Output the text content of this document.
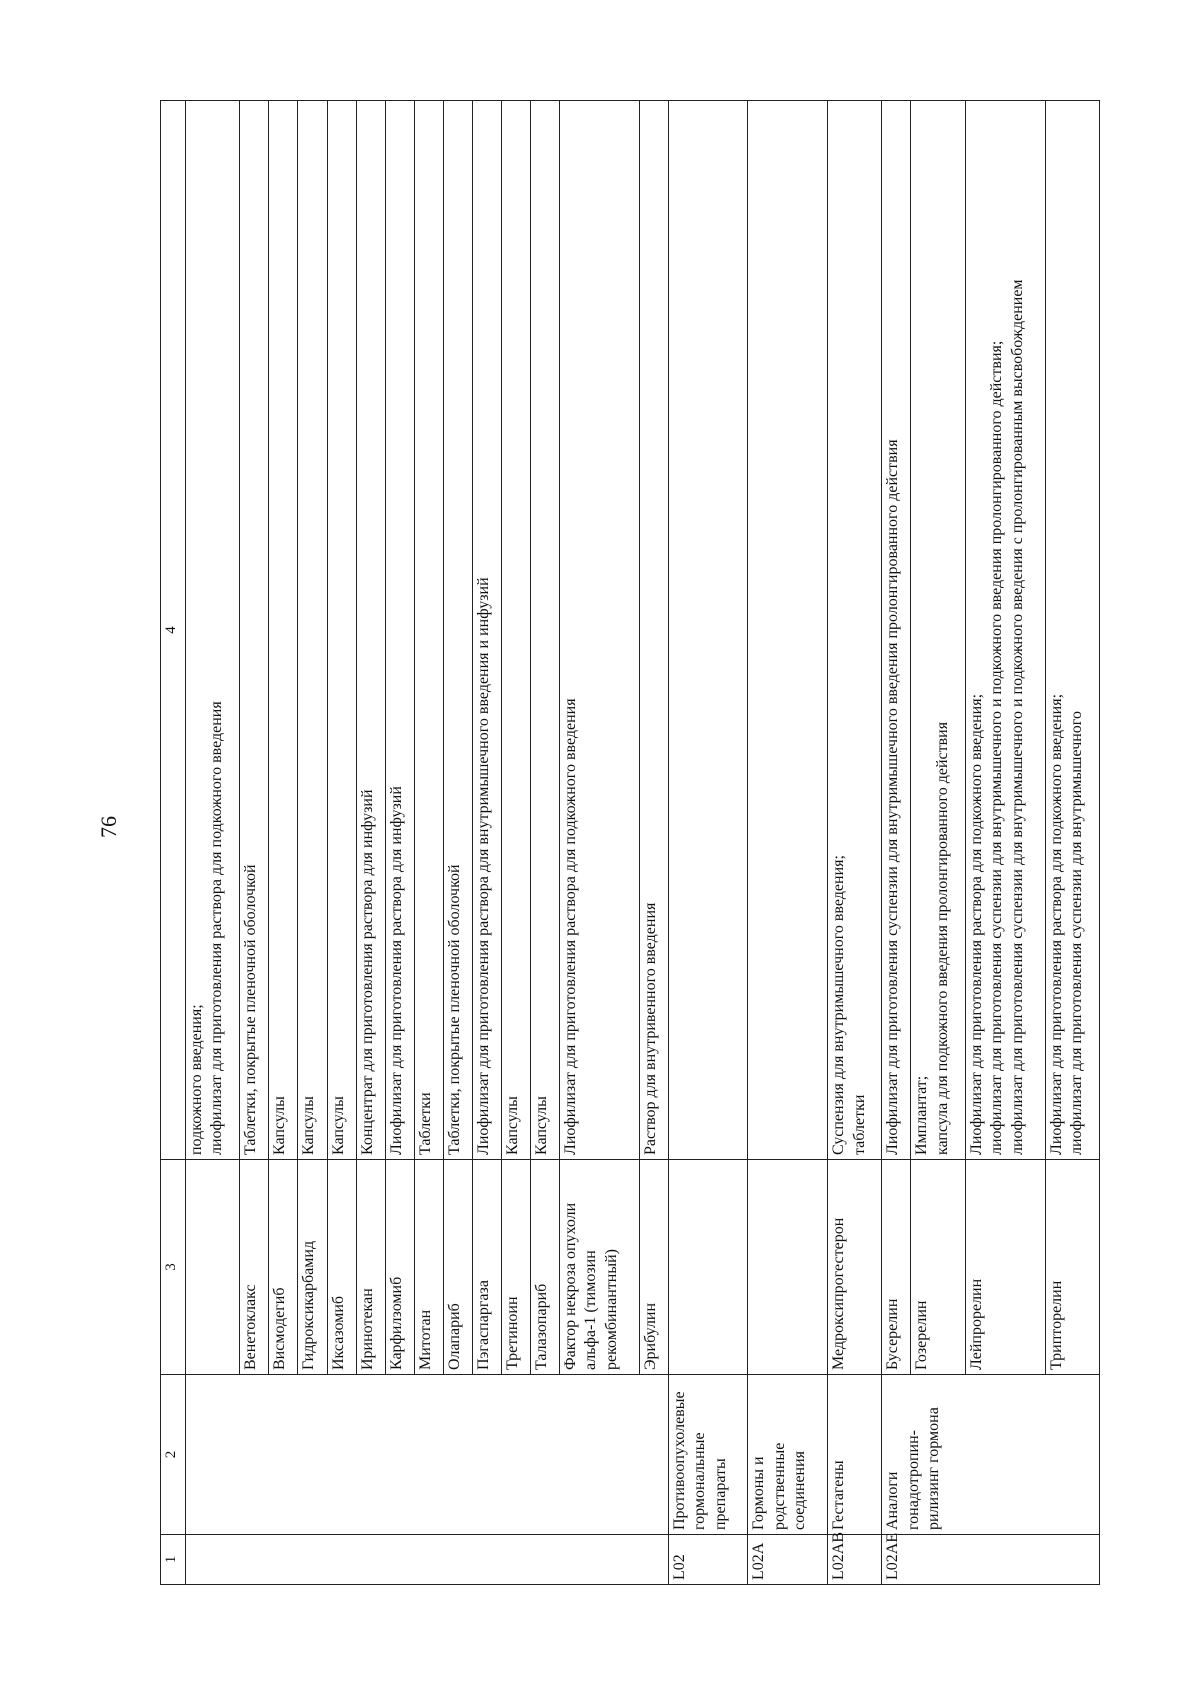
76
1	2	3	4
			подкожного введения;
лиофилизат для приготовления раствора для подкожного введения
		Венетоклакс	Таблетки, покрытые пленочной оболочкой
		Висмодегиб	Капсулы
		Гидроксикарбамид	Капсулы
		Иксазомиб	Капсулы
		Иринотекан	Концентрат для приготовления раствора для инфузий
		Карфилзомиб	Лиофилизат для приготовления раствора для инфузий
		Митотан	Таблетки
		Олапариб	Таблетки, покрытые пленочной оболочкой
		Пэгаспаргаза	Лиофилизат для приготовления раствора для внутримышечного введения и инфузий
		Третиноин	Капсулы
		Талазопариб	Капсулы
		Фактор некроза опухоли альфа-1 (тимозин рекомбинантный)	Лиофилизат для приготовления раствора для подкожного введения
		Эрибулин	Раствор для внутривенного введения
L02	Противоопухолевые гормональные препараты		
L02A	Гормоны и родственные соединения		
L02AB	Гестагены	Медроксипрогестерон	Суспензия для внутримышечного введения;
таблетки
L02AE	Аналоги гонадотропин-рилизинг гормона	Бусерелин	Лиофилизат для приготовления суспензии для внутримышечного введения пролонгированного действия
		Гозерелин	Имплантат;
капсула для подкожного введения пролонгированного действия
		Лейпрорелин	Лиофилизат для приготовления раствора для подкожного введения;
лиофилизат для приготовления суспензии для внутримышечного и подкожного введения пролонгированного действия;
лиофилизат для приготовления суспензии для внутримышечного и подкожного введения с пролонгированным высвобождением
		Трипторелин	Лиофилизат для приготовления раствора для подкожного введения;
лиофилизат для приготовления суспензии для внутримышечного
